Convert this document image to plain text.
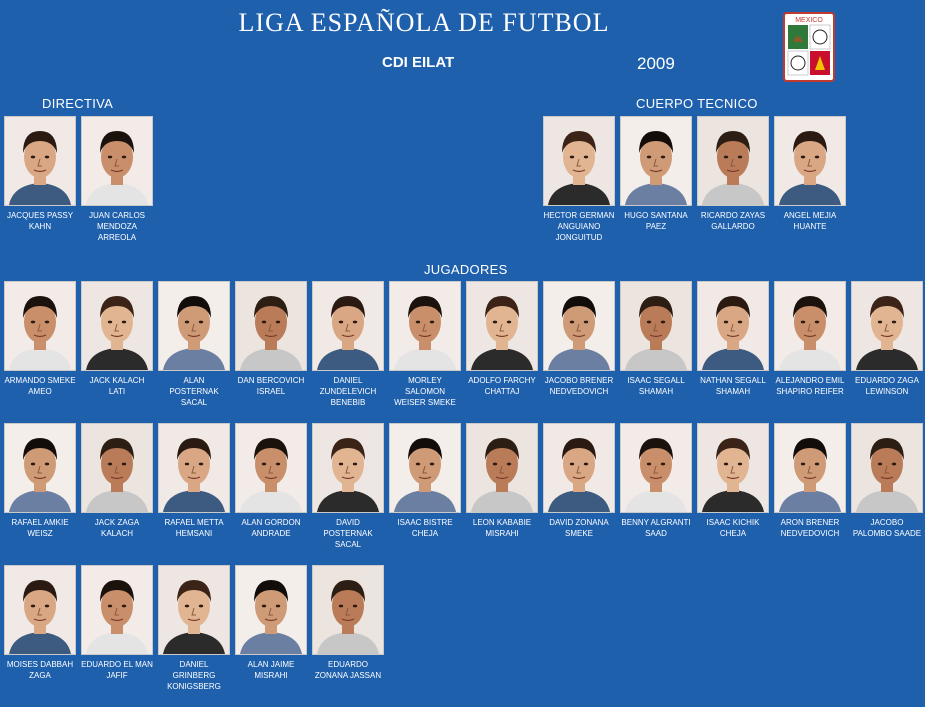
LIGA ESPAÑOLA DE FUTBOL
CDI EILAT	2009
MEXICO
DIRECTIVA	CUERPO TECNICO
JUGADORES
JACQUES PASSY KAHN
JUAN CARLOS MENDOZA ARREOLA
HECTOR GERMAN ANGUIANO JONGUITUD
HUGO SANTANA PAEZ
RICARDO ZAYAS GALLARDO
ANGEL MEJIA HUANTE
ARMANDO SMEKE AMEO
JACK KALACH LATI
ALAN POSTERNAK SACAL
DAN BERCOVICH ISRAEL
DANIEL ZUNDELEVICH BENEBIB
MORLEY SALOMON WEISER SMEKE
ADOLFO FARCHY CHATTAJ
JACOBO BRENER NEDVEDOVICH
ISAAC SEGALL SHAMAH
NATHAN SEGALL SHAMAH
ALEJANDRO EMIL SHAPIRO REIFER
EDUARDO ZAGA LEWINSON
RAFAEL AMKIE WEISZ
JACK ZAGA KALACH
RAFAEL METTA HEMSANI
ALAN GORDON ANDRADE
DAVID POSTERNAK SACAL
ISAAC BISTRE CHEJA
LEON KABABIE MISRAHI
DAVID ZONANA SMEKE
BENNY ALGRANTI SAAD
ISAAC KICHIK CHEJA
ARON BRENER NEDVEDOVICH
JACOBO PALOMBO SAADE
MOISES DABBAH ZAGA
EDUARDO EL MAN JAFIF
DANIEL GRINBERG KONIGSBERG
ALAN JAIME MISRAHI
EDUARDO ZONANA JASSAN
